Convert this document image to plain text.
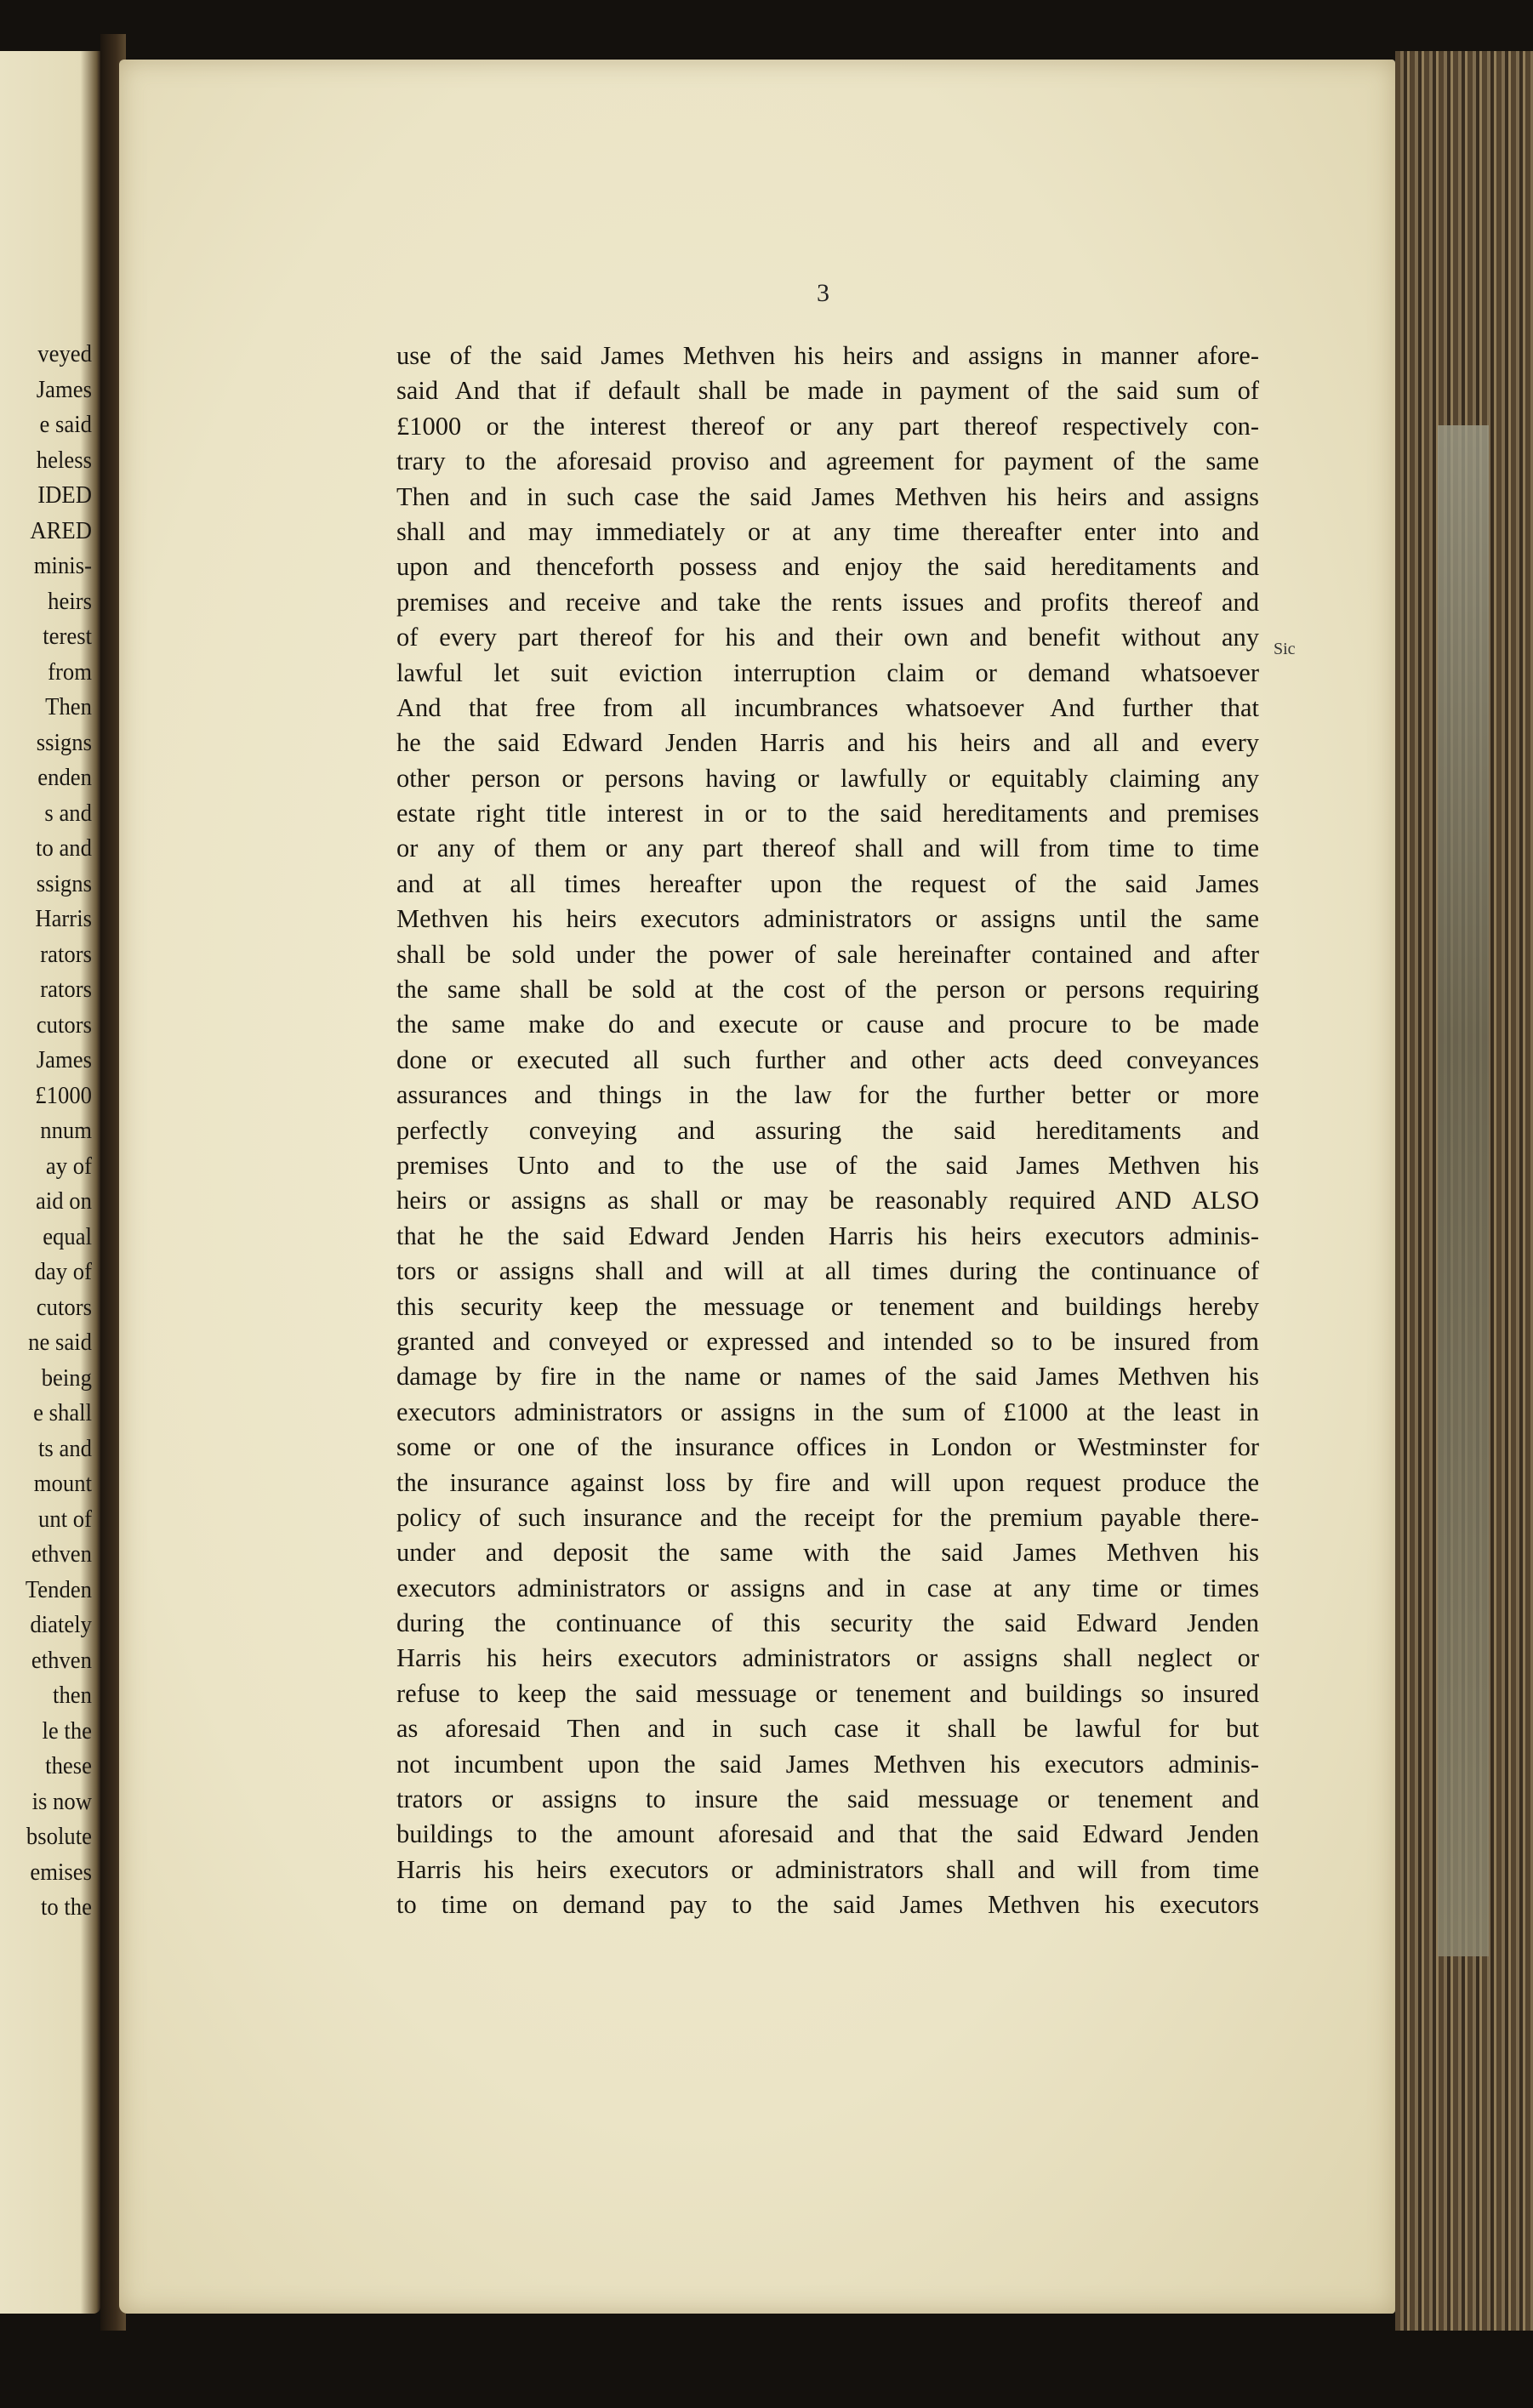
veyed
James
e said
heless
IDED
ARED
minis-
heirs
terest
from
Then
ssigns
enden
s and
to and
ssigns
Harris
rators
rators
cutors
James
£1000
nnum
ay of
aid on
equal
day of
cutors
ne said
being
e shall
ts and
mount
unt of
ethven
Tenden
diately
ethven
then
le the
these
is now
bsolute
emises
to the
3
use of the said James Methven his heirs and assigns in manner afore-
said And that if default shall be made in payment of the said sum of
£1000 or the interest thereof or any part thereof respectively con-
trary to the aforesaid proviso and agreement for payment of the same
Then and in such case the said James Methven his heirs and assigns
shall and may immediately or at any time thereafter enter into and
upon and thenceforth possess and enjoy the said hereditaments and
premises and receive and take the rents issues and profits thereof and
of every part thereof for his and their own and benefit without any
lawful let suit eviction interruption claim or demand whatsoever
And that free from all incumbrances whatsoever And further that
he the said Edward Jenden Harris and his heirs and all and every
other person or persons having or lawfully or equitably claiming any
estate right title interest in or to the said hereditaments and premises
or any of them or any part thereof shall and will from time to time
and at all times hereafter upon the request of the said James
Methven his heirs executors administrators or assigns until the same
shall be sold under the power of sale hereinafter contained and after
the same shall be sold at the cost of the person or persons requiring
the same make do and execute or cause and procure to be made
done or executed all such further and other acts deed conveyances
assurances and things in the law for the further better or more
perfectly conveying and assuring the said hereditaments and
premises Unto and to the use of the said James Methven his
heirs or assigns as shall or may be reasonably required AND ALSO
that he the said Edward Jenden Harris his heirs executors adminis-
tors or assigns shall and will at all times during the continuance of
this security keep the messuage or tenement and buildings hereby
granted and conveyed or expressed and intended so to be insured from
damage by fire in the name or names of the said James Methven his
executors administrators or assigns in the sum of £1000 at the least in
some or one of the insurance offices in London or Westminster for
the insurance against loss by fire and will upon request produce the
policy of such insurance and the receipt for the premium payable there-
under and deposit the same with the said James Methven his
executors administrators or assigns and in case at any time or times
during the continuance of this security the said Edward Jenden
Harris his heirs executors administrators or assigns shall neglect or
refuse to keep the said messuage or tenement and buildings so insured
as aforesaid Then and in such case it shall be lawful for but
not incumbent upon the said James Methven his executors adminis-
trators or assigns to insure the said messuage or tenement and
buildings to the amount aforesaid and that the said Edward Jenden
Harris his heirs executors or administrators shall and will from time
to time on demand pay to the said James Methven his executors
Sic
